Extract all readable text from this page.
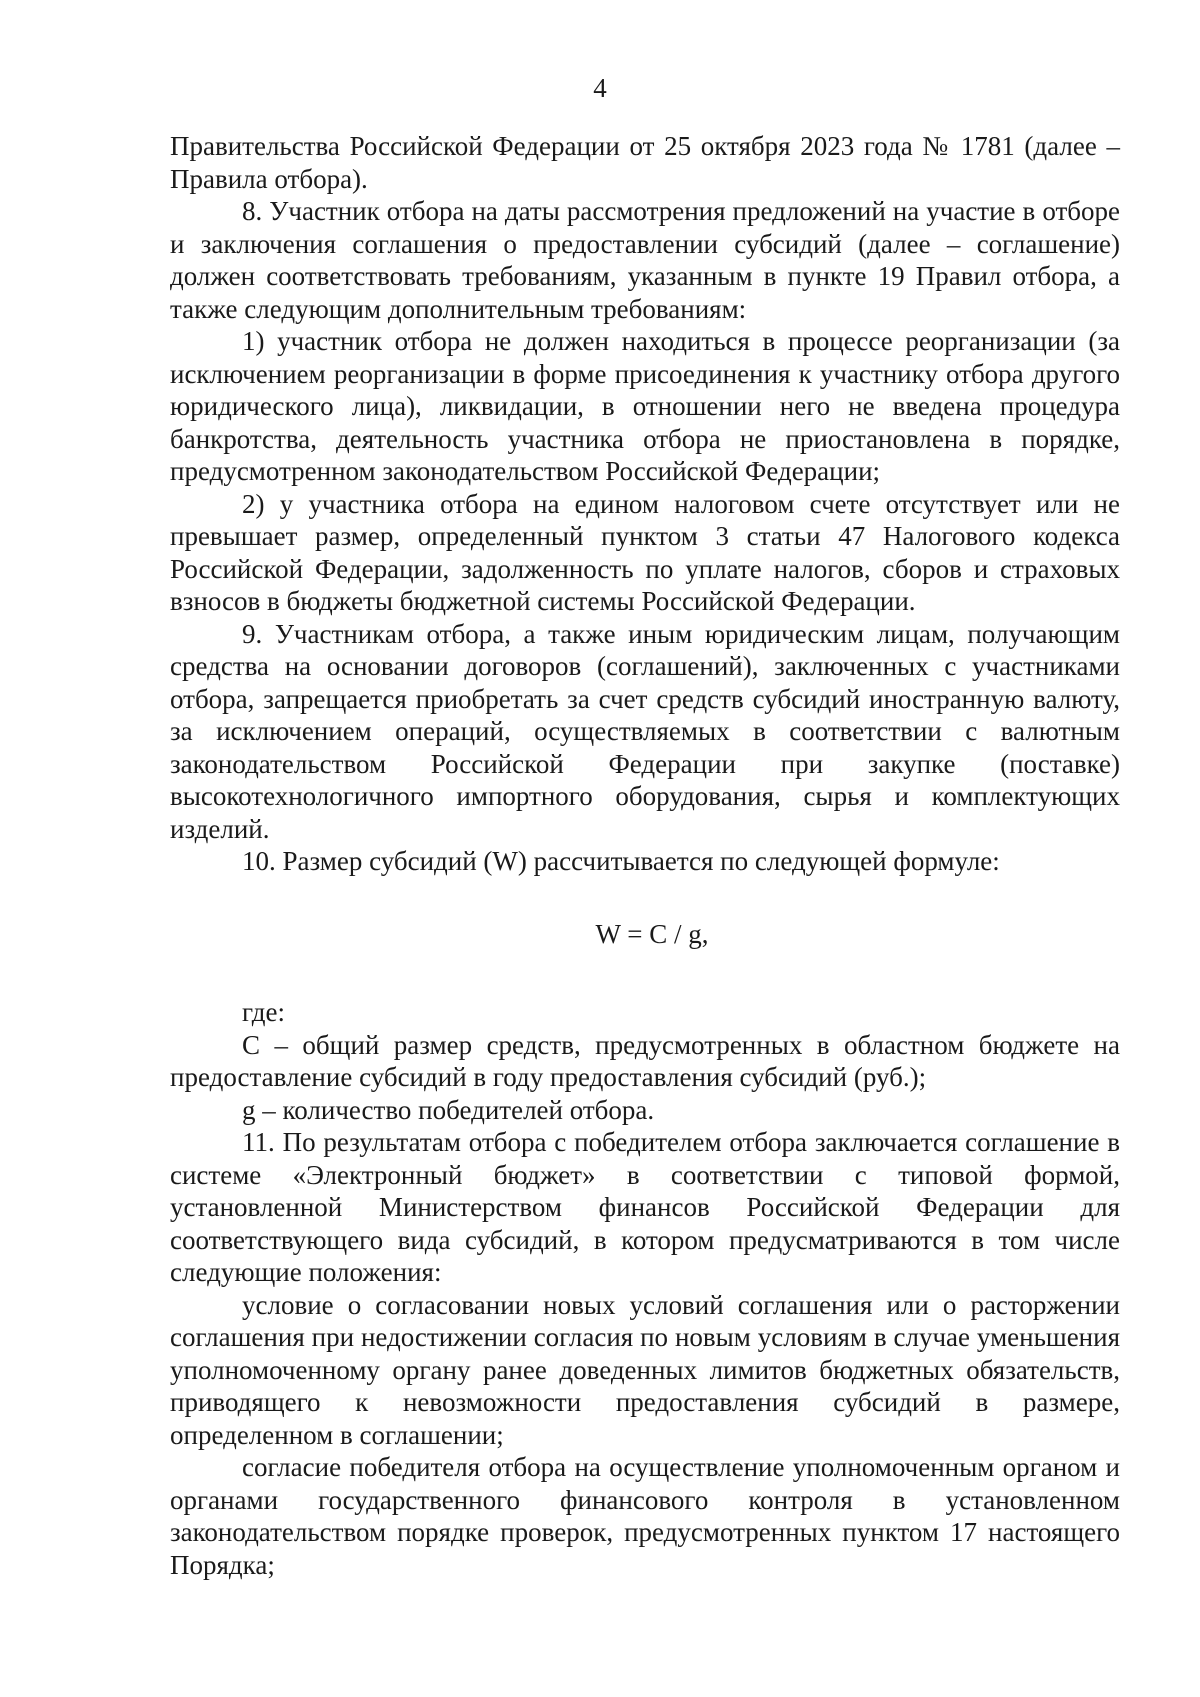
4

Правительства Российской Федерации от 25 октября 2023 года № 1781 (далее – Правила отбора).

8. Участник отбора на даты рассмотрения предложений на участие в отборе и заключения соглашения о предоставлении субсидий (далее – соглашение) должен соответствовать требованиям, указанным в пункте 19 Правил отбора, а также следующим дополнительным требованиям:

1) участник отбора не должен находиться в процессе реорганизации (за исключением реорганизации в форме присоединения к участнику отбора другого юридического лица), ликвидации, в отношении него не введена процедура банкротства, деятельность участника отбора не приостановлена в порядке, предусмотренном законодательством Российской Федерации;

2) у участника отбора на едином налоговом счете отсутствует или не превышает размер, определенный пунктом 3 статьи 47 Налогового кодекса Российской Федерации, задолженность по уплате налогов, сборов и страховых взносов в бюджеты бюджетной системы Российской Федерации.

9. Участникам отбора, а также иным юридическим лицам, получающим средства на основании договоров (соглашений), заключенных с участниками отбора, запрещается приобретать за счет средств субсидий иностранную валюту, за исключением операций, осуществляемых в соответствии с валютным законодательством Российской Федерации при закупке (поставке) высокотехнологичного импортного оборудования, сырья и комплектующих изделий.

10. Размер субсидий (W) рассчитывается по следующей формуле:

W = C / g,

где:

C – общий размер средств, предусмотренных в областном бюджете на предоставление субсидий в году предоставления субсидий (руб.);

g – количество победителей отбора.

11. По результатам отбора с победителем отбора заключается соглашение в системе «Электронный бюджет» в соответствии с типовой формой, установленной Министерством финансов Российской Федерации для соответствующего вида субсидий, в котором предусматриваются в том числе следующие положения:

условие о согласовании новых условий соглашения или о расторжении соглашения при недостижении согласия по новым условиям в случае уменьшения уполномоченному органу ранее доведенных лимитов бюджетных обязательств, приводящего к невозможности предоставления субсидий в размере, определенном в соглашении;

согласие победителя отбора на осуществление уполномоченным органом и органами государственного финансового контроля в установленном законодательством порядке проверок, предусмотренных пунктом 17 настоящего Порядка;
